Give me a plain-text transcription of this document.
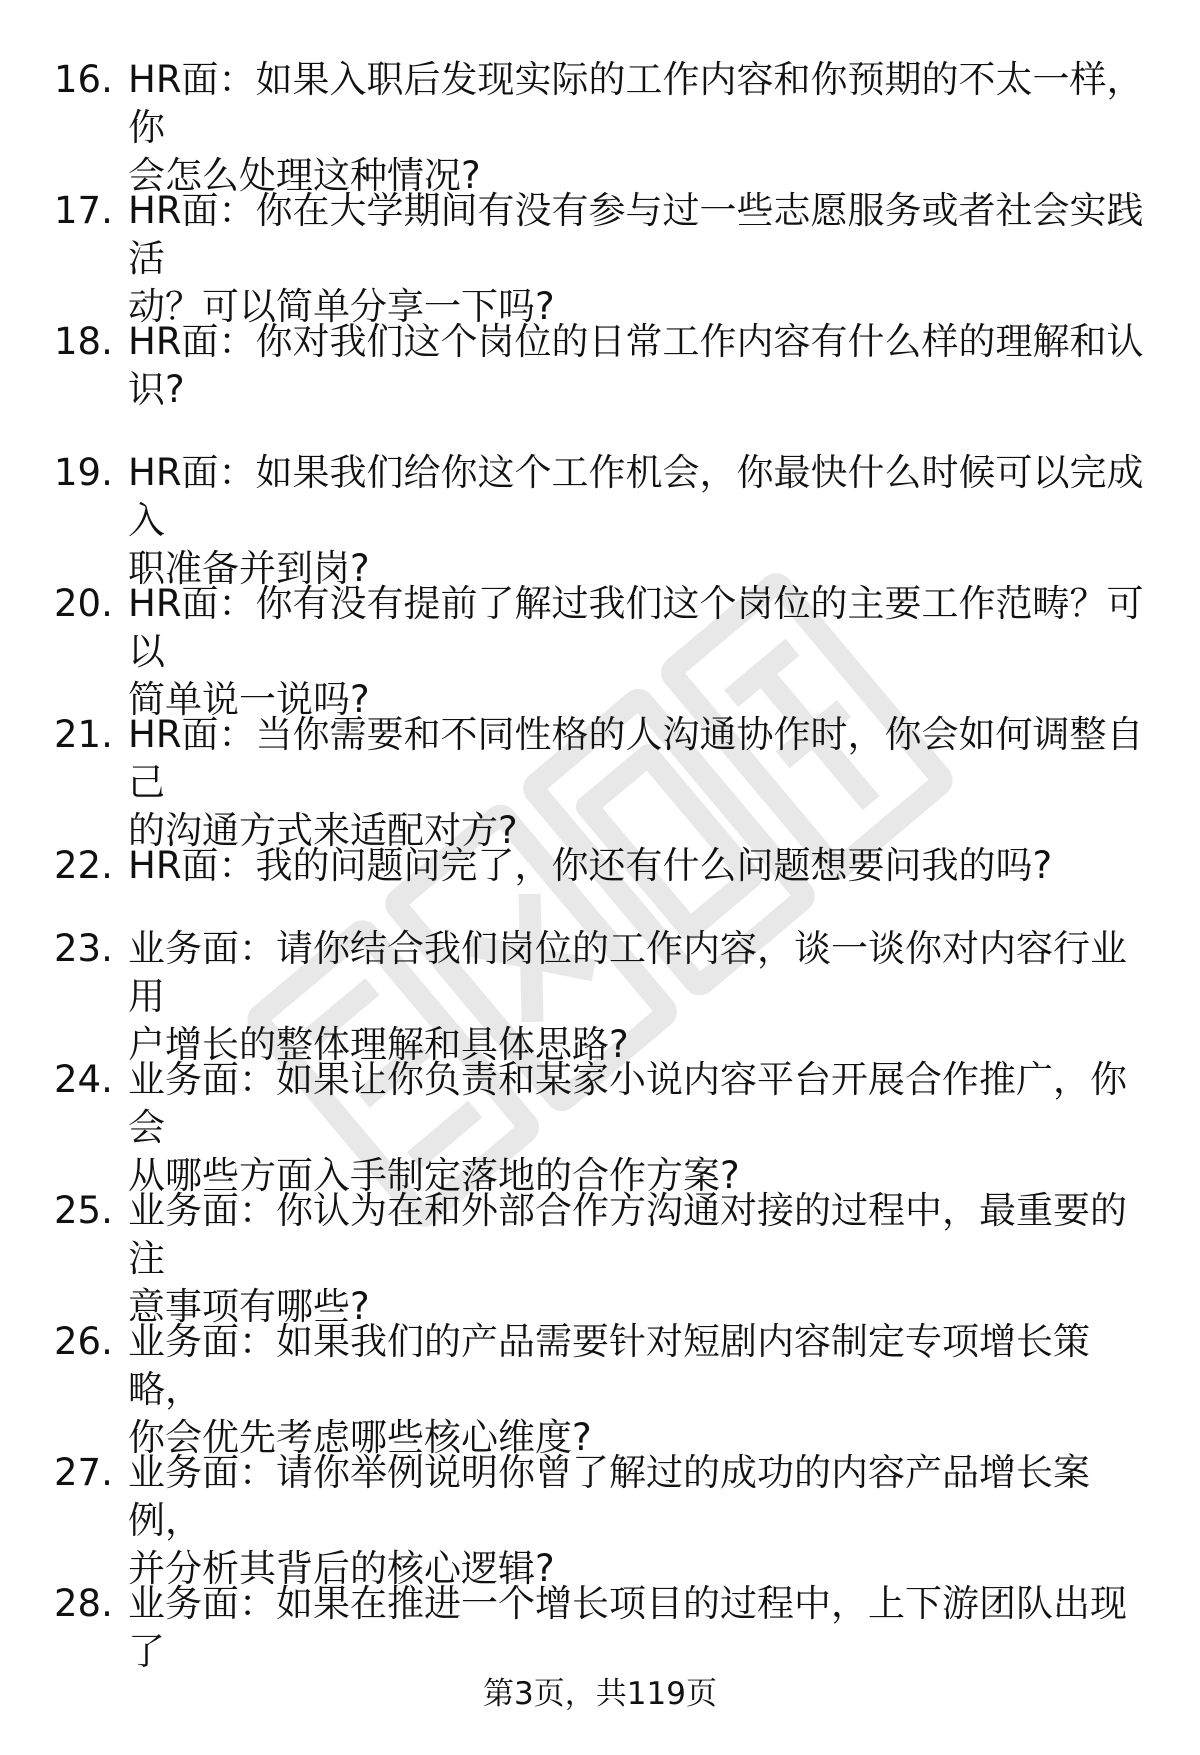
16. HR面：如果入职后发现实际的工作内容和你预期的不太一样，你
会怎么处理这种情况?
17. HR面：你在大学期间有没有参与过一些志愿服务或者社会实践活
动？可以简单分享一下吗?
18. HR面：你对我们这个岗位的日常工作内容有什么样的理解和认
识?
19. HR面：如果我们给你这个工作机会，你最快什么时候可以完成入
职准备并到岗?
20. HR面：你有没有提前了解过我们这个岗位的主要工作范畴？可以
简单说一说吗?
21. HR面：当你需要和不同性格的人沟通协作时，你会如何调整自己
的沟通方式来适配对方?
22. HR面：我的问题问完了，你还有什么问题想要问我的吗?
23. 业务面：请你结合我们岗位的工作内容，谈一谈你对内容行业用
户增长的整体理解和具体思路?
24. 业务面：如果让你负责和某家小说内容平台开展合作推广，你会
从哪些方面入手制定落地的合作方案?
25. 业务面：你认为在和外部合作方沟通对接的过程中，最重要的注
意事项有哪些?
26. 业务面：如果我们的产品需要针对短剧内容制定专项增长策略，
你会优先考虑哪些核心维度?
27. 业务面：请你举例说明你曾了解过的成功的内容产品增长案例，
并分析其背后的核心逻辑?
28. 业务面：如果在推进一个增长项目的过程中，上下游团队出现了
第3页，共119页
